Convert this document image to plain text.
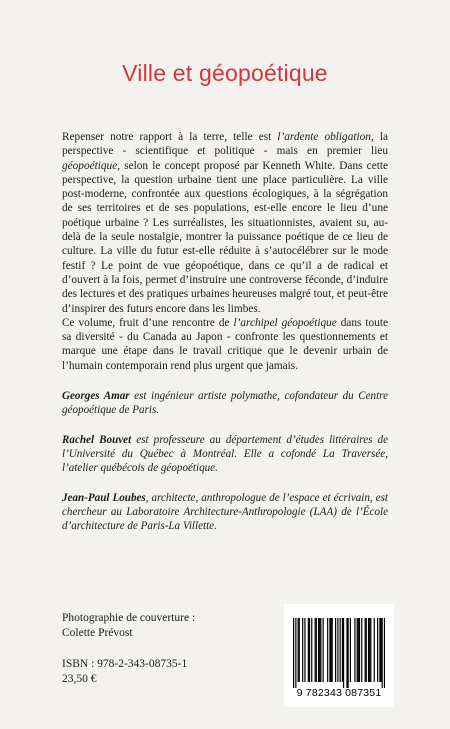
Ville et géopoétique

Repenser notre rapport à la terre, telle est l’ardente obligation, la perspective - scientifique et politique - mais en premier lieu géopoétique, selon le concept proposé par Kenneth White. Dans cette perspective, la question urbaine tient une place particulière. La ville post-moderne, confrontée aux questions écologiques, à la ségrégation de ses territoires et de ses populations, est-elle encore le lieu d’une poétique urbaine ? Les surréalistes, les situationnistes, avaient su, au-delà de la seule nostalgie, montrer la puissance poétique de ce lieu de culture. La ville du futur est-elle réduite à s’autocélébrer sur le mode festif ? Le point de vue géopoétique, dans ce qu’il a de radical et d’ouvert à la fois, permet d’instruire une controverse féconde, d’induire des lectures et des pratiques urbaines heureuses malgré tout, et peut-être d’inspirer des futurs encore dans les limbes.

Ce volume, fruit d’une rencontre de l’archipel géopoétique dans toute sa diversité - du Canada au Japon - confronte les questionnements et marque une étape dans le travail critique que le devenir urbain de l’humain contemporain rend plus urgent que jamais.

Georges Amar est ingénieur artiste polymathe, cofondateur du Centre géopoétique de Paris.
Rachel Bouvet est professeure au département d’études littéraires de l’Université du Québec à Montréal. Elle a cofondé La Traversée, l’atelier québécois de géopoétique.
Jean-Paul Loubes, architecte, anthropologue de l’espace et écrivain, est chercheur au Laboratoire Architecture-Anthropologie (LAA) de l’École d’architecture de Paris-La Villette.
Photographie de couverture :
Colette Prévost
ISBN : 978-2-343-08735-1
23,50 €
9 782343 087351
